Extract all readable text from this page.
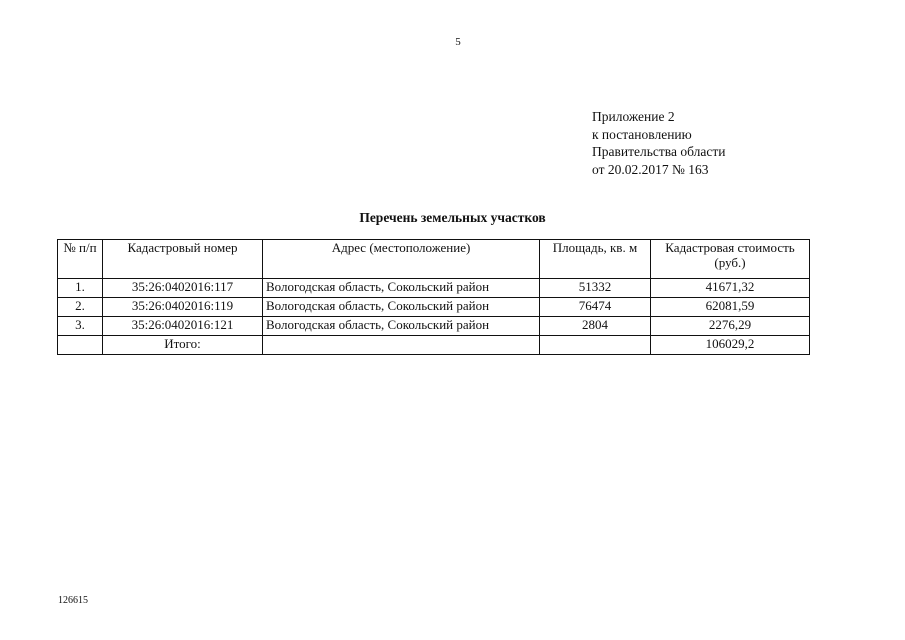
5
Приложение 2
к постановлению
Правительства области
от 20.02.2017 № 163
Перечень земельных участков
№ п/п	Кадастровый номер	Адрес (местоположение)	Площадь, кв. м	Кадастровая стоимость (руб.)
1.	35:26:0402016:117	Вологодская область, Сокольский район	51332	41671,32
2.	35:26:0402016:119	Вологодская область, Сокольский район	76474	62081,59
3.	35:26:0402016:121	Вологодская область, Сокольский район	2804	2276,29
	Итого:			106029,2
126615
